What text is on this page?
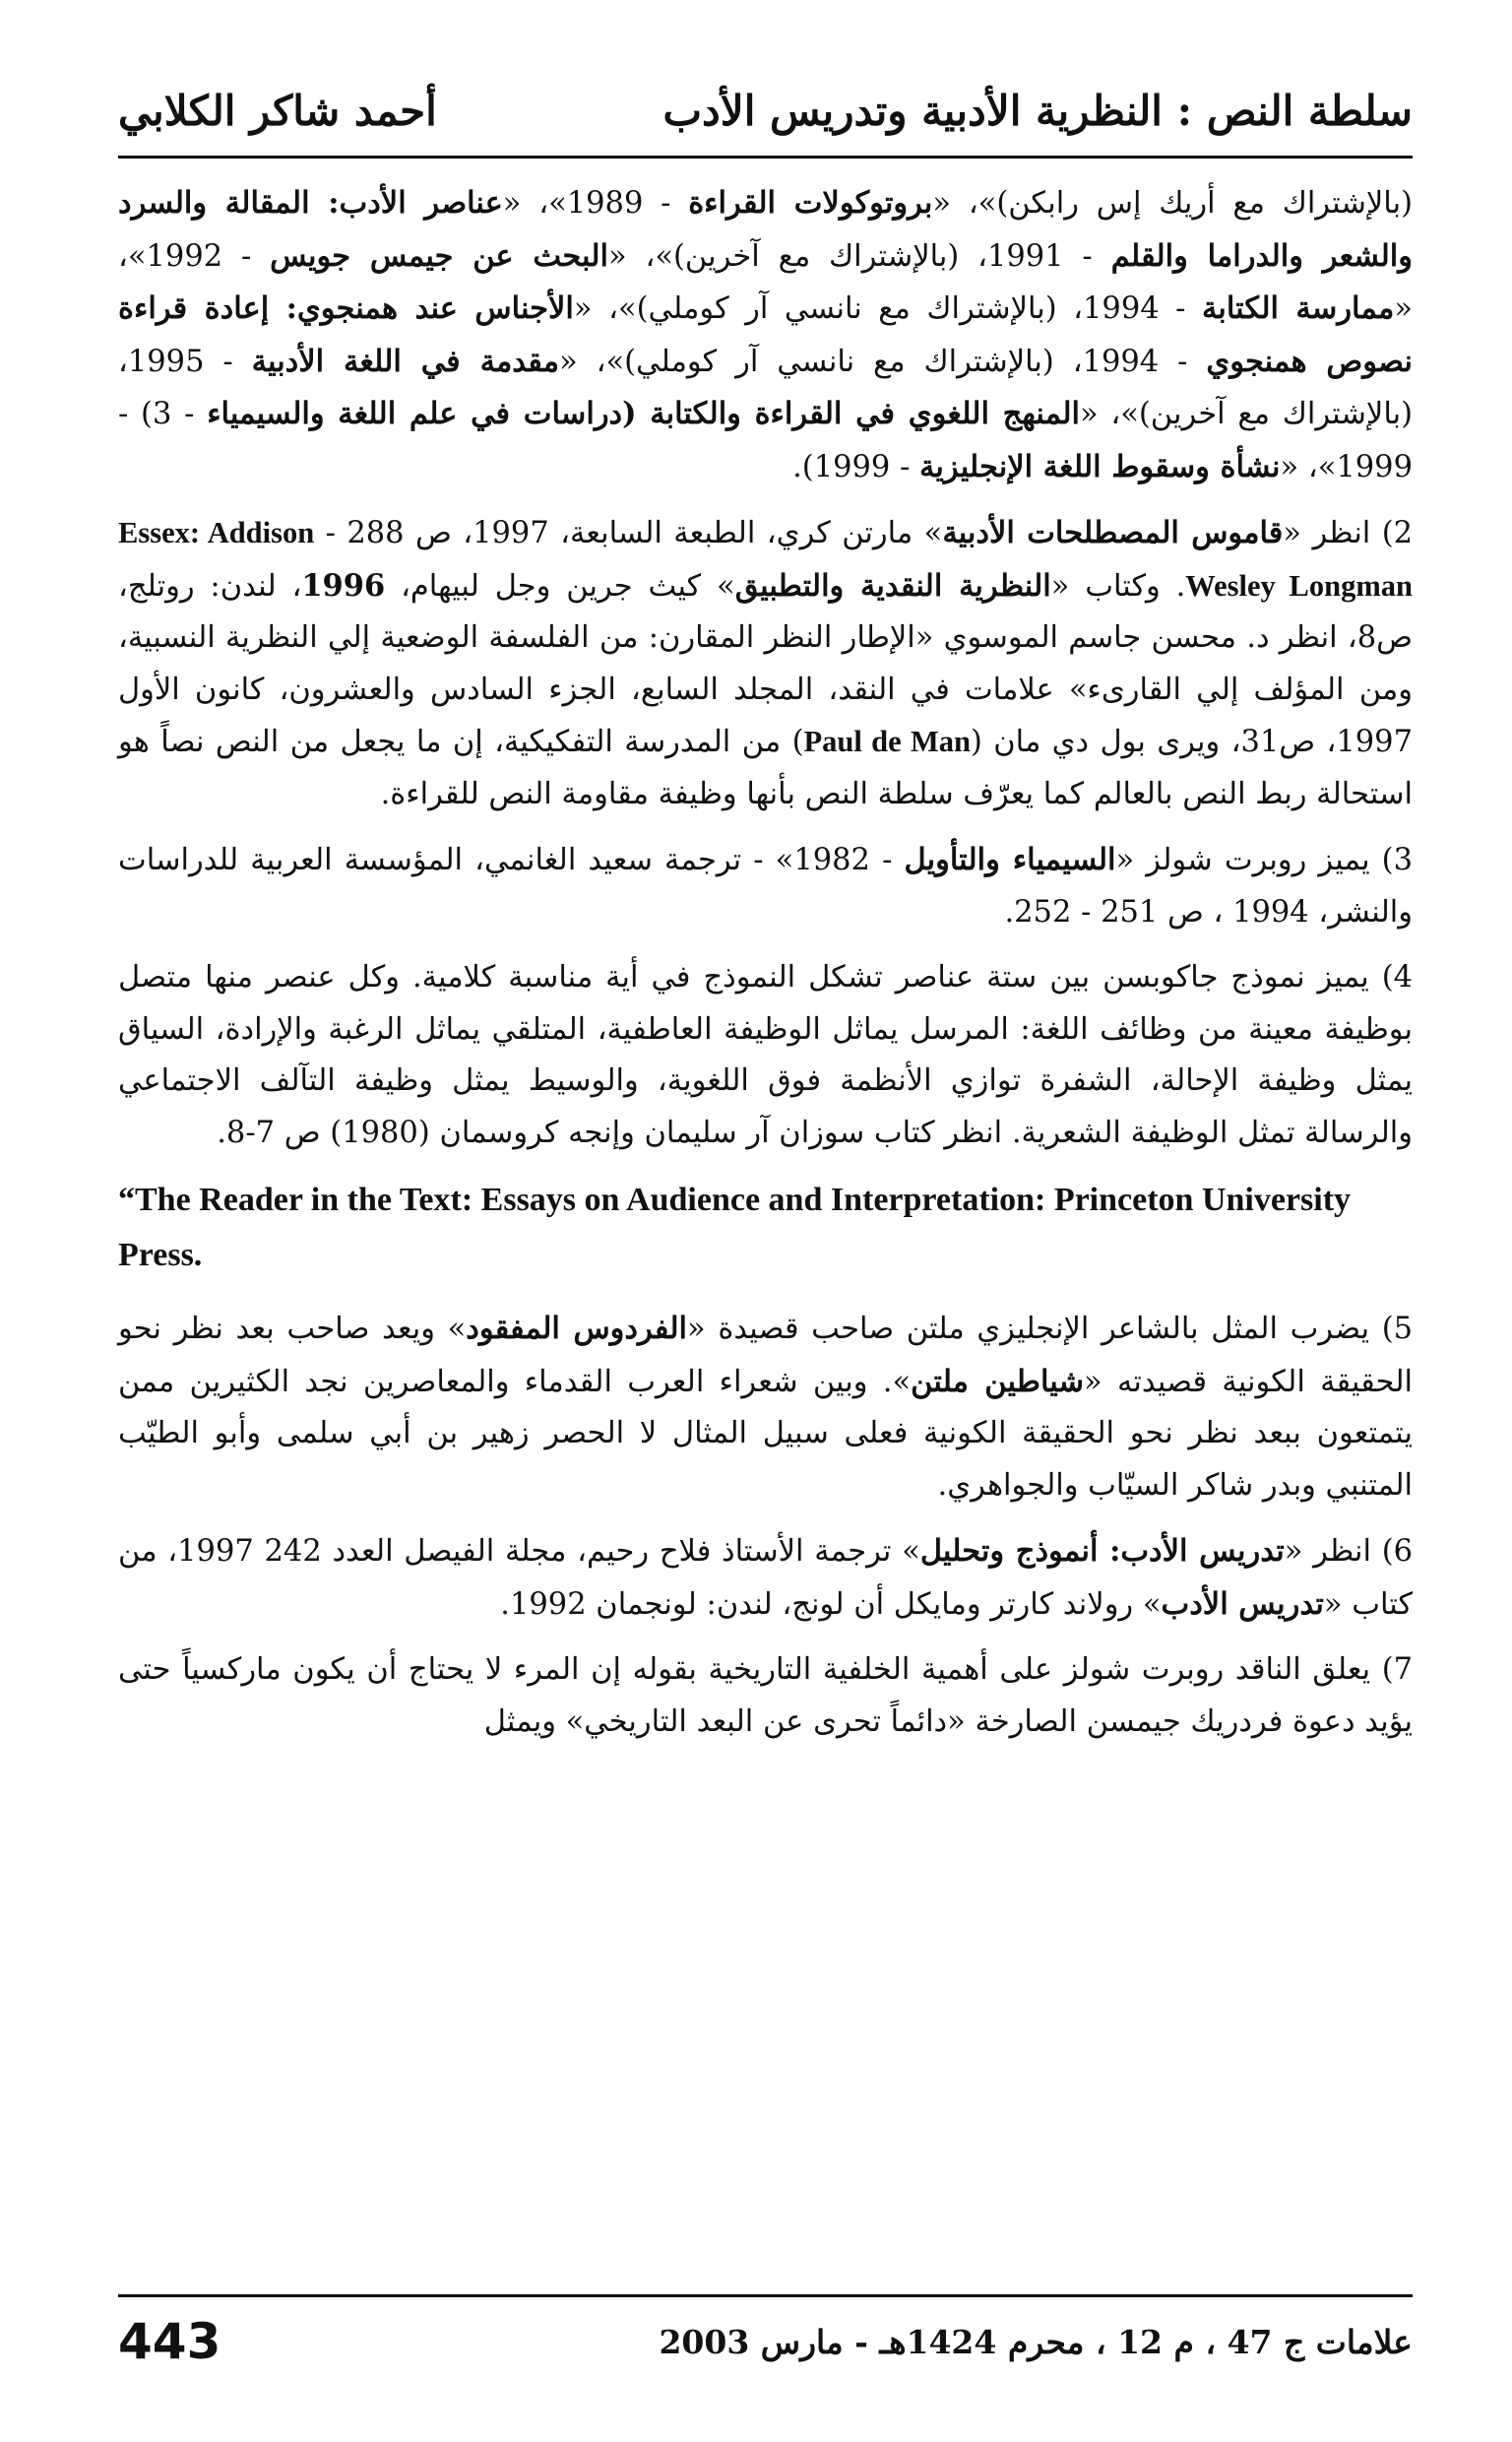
سلطة النص : النظرية الأدبية وتدريس الأدب
أحمد شاكر الكلابي

(بالإشتراك مع أريك إس رابكن)»، «بروتوكولات القراءة - 1989»، «عناصر الأدب: المقالة والسرد والشعر والدراما والقلم - 1991، (بالإشتراك مع آخرين)»، «البحث عن جيمس جويس - 1992»، «ممارسة الكتابة - 1994، (بالإشتراك مع نانسي آر كوملي)»، «الأجناس عند همنجوي: إعادة قراءة نصوص همنجوي - 1994، (بالإشتراك مع نانسي آر كوملي)»، «مقدمة في اللغة الأدبية - 1995، (بالإشتراك مع آخرين)»، «المنهج اللغوي في القراءة والكتابة (دراسات في علم اللغة والسيمياء - 3) - 1999»، «نشأة وسقوط اللغة الإنجليزية - 1999).

2) انظر «قاموس المصطلحات الأدبية» مارتن كري، الطبعة السابعة، 1997، ص 288 - Essex: Addison Wesley Longman. وكتاب «النظرية النقدية والتطبيق» كيث جرين وجل لبيهام، 1996، لندن: روتلج، ص8، انظر د. محسن جاسم الموسوي «الإطار النظر المقارن: من الفلسفة الوضعية إلي النظرية النسبية، ومن المؤلف إلي القارىء» علامات في النقد، المجلد السابع، الجزء السادس والعشرون، كانون الأول 1997، ص31، ويرى بول دي مان (Paul de Man) من المدرسة التفكيكية، إن ما يجعل من النص نصاً هو استحالة ربط النص بالعالم كما يعرّف سلطة النص بأنها وظيفة مقاومة النص للقراءة.

3) يميز روبرت شولز «السيمياء والتأويل - 1982» - ترجمة سعيد الغانمي، المؤسسة العربية للدراسات والنشر، 1994 ، ص 251 - 252.

4) يميز نموذج جاكوبسن بين ستة عناصر تشكل النموذج في أية مناسبة كلامية. وكل عنصر منها متصل بوظيفة معينة من وظائف اللغة: المرسل يماثل الوظيفة العاطفية، المتلقي يماثل الرغبة والإرادة، السياق يمثل وظيفة الإحالة، الشفرة توازي الأنظمة فوق اللغوية، والوسيط يمثل وظيفة التآلف الاجتماعي والرسالة تمثل الوظيفة الشعرية. انظر كتاب سوزان آر سليمان وإنجه كروسمان (1980) ص 7-8.

“The Reader in the Text: Essays on Audience and Interpretation: Princeton University Press.

5) يضرب المثل بالشاعر الإنجليزي ملتن صاحب قصيدة «الفردوس المفقود» ويعد صاحب بعد نظر نحو الحقيقة الكونية قصيدته «شياطين ملتن». وبين شعراء العرب القدماء والمعاصرين نجد الكثيرين ممن يتمتعون ببعد نظر نحو الحقيقة الكونية فعلى سبيل المثال لا الحصر زهير بن أبي سلمى وأبو الطيّب المتنبي وبدر شاكر السيّاب والجواهري.

6) انظر «تدريس الأدب: أنموذج وتحليل» ترجمة الأستاذ فلاح رحيم، مجلة الفيصل العدد 242 1997، من كتاب «تدريس الأدب» رولاند كارتر ومايكل أن لونج، لندن: لونجمان 1992.

7) يعلق الناقد روبرت شولز على أهمية الخلفية التاريخية بقوله إن المرء لا يحتاج أن يكون ماركسياً حتى يؤيد دعوة فردريك جيمسن الصارخة «دائماً تحرى عن البعد التاريخي» ويمثل

443	علامات ج 47 ، م 12 ، محرم 1424هـ - مارس 2003
